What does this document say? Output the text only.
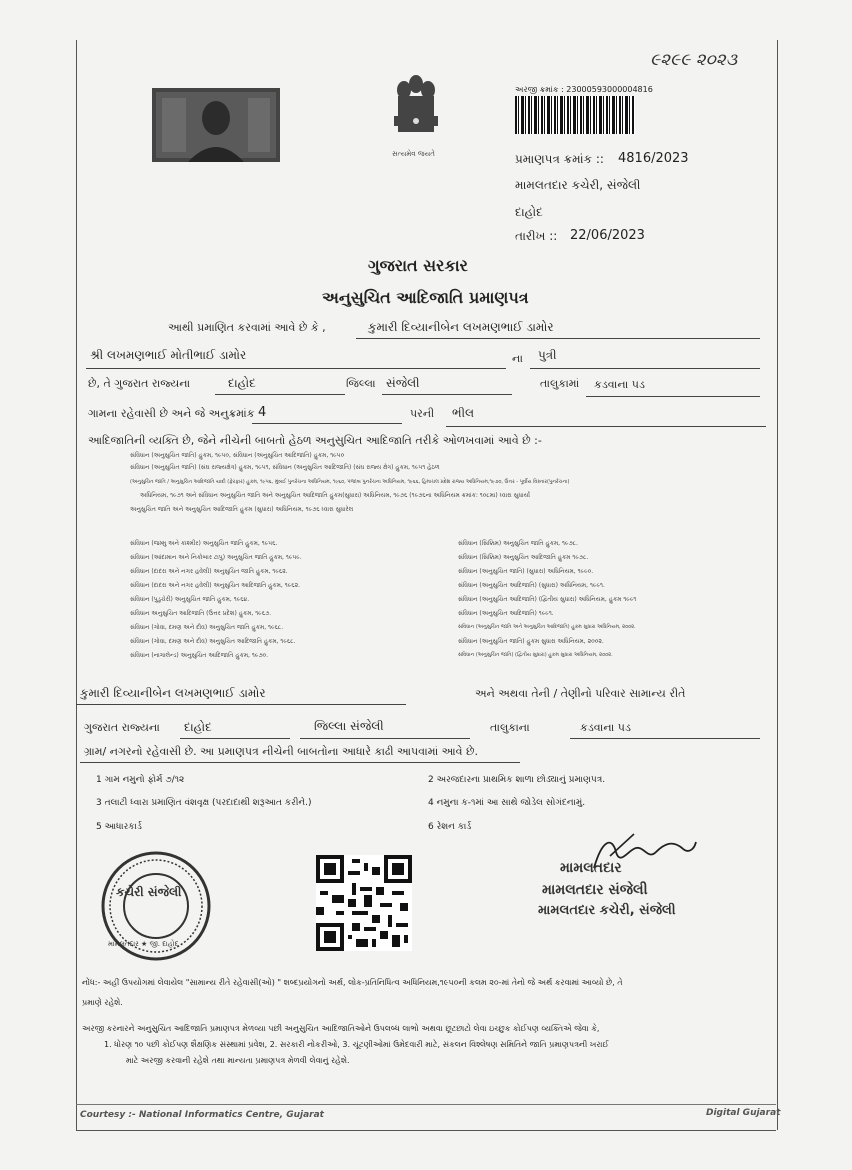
૯૨૯૯ ૨૦૨૩
સત્યમેવ જયતે
અરજી ક્રમાંક : 23000593000004816
પ્રમાણપત્ર ક્રમાંક :: 4816/2023
મામલતદાર કચેરી, સંજેલી
દાહોદ
તારીખ :: 22/06/2023
ગુજરાત સરકાર
અનુસુચિત આદિજાતિ પ્રમાણપત્ર
આથી પ્રમાણિત કરવામાં આવે છે કે ,	કુમારી દિવ્યાનીબેન લખમણભાઈ ડામોર
શ્રી લખમણભાઈ મોતીભાઈ ડામોર	ના પુત્રી
છે, તે ગુજરાત રાજ્યના	દાહોદ	જિલ્લા સંજેલી	તાલુકામાં કડવાના પડ
ગામના રહેવાસી છે અને જે અનુક્રમાંક 4	પરની ભીલ
આદિજાતિની વ્યક્તિ છે, જેને નીચેની બાબતો હેઠળ અનુસુચિત આદિજાતિ તરીકે ઓળખવામાં આવે છે :-
સંવિધાન (અનુસુચિત જાતિ) હુકમ, ૧૯૫૦, સંવિધાન (અનુસુચિત આદિજાતિ) હુકમ, ૧૯૫૦
સંવિધાન (અનુસુચિત જાતિ) (સંઘ રાજ્યક્ષેત્ર) હુકમ, ૧૯૫૧, સંવિધાન (અનુસુચિત આદિજાતિ) (સંઘ રાજ્ય ક્ષેત્ર) હુકમ, ૧૯૫૧ હેઠળ
(અનુસુચિત જાતિ / અનુસુચિત આદિજાતિ યાદી (ફેરફાર) હુકમ, ૧૯૫૬, મુંબઈ પુનર્રચના અધિનિયમ, ૧૯૬૦, પંજાબ પુનર્રચના અધિનિયમ, ૧૯૬૬, હિમાચલ પ્રદેશ રાજ્ય અધિનિયમ,૧૯૭૦, ઉત્તર - પૂર્વીય વિસ્તાર(પુનર્રચના)
અધિનિયમ, ૧૯૭૧ અને સંવિધાન અનુસુચિત જાતિ અને અનુસુચિત આદિજાતિ હુકમ(સુધારા) અધિનિયમ, ૧૯૭૬ (૧૯૭૬ના અધિનિયમ ક્રમાંક: ૧૦૮મા) ધ્વારા સુધાર્યા
અનુસુચિત જાતિ અને અનુસુચિત આદિજાતિ હુકમ (સુધારા) અધિનિયમ, ૧૯૭૬ ધ્વારા સુધારેલ
સંવિધાન (જમ્મુ અને કાશ્મીર) અનુસુચિત જાતિ હુકમ, ૧૯૫૬.
સંવિધાન (આંદામાન અને નિકોબાર ટાપુ) અનુસુચિત જાતિ હુકમ, ૧૯૫૯.
સંવિધાન (દાદરા અને નગર હવેલી) અનુસુચિત જાતિ હુકમ, ૧૯૬૨.
સંવિધાન (દાદરા અને નગર હવેલી) અનુસુચિત આદિજાતિ હુકમ, ૧૯૬૨.
સંવિધાન (પુડુચેરી) અનુસુચિત જાતિ હુકમ, ૧૯૬૪.
સંવિધાન અનુસુચિત આદિજાતિ (ઉત્તર પ્રદેશ) હુકમ, ૧૯૬૭.
સંવિધાન (ગોવા, દમણ અને દીવ) અનુસુચિત જાતિ હુકમ, ૧૯૬૮.
સંવિધાન (ગોવા, દમણ અને દીવ) અનુસુચિત આદિજાતિ હુકમ, ૧૯૬૮.
સંવિધાન (નાગાલેન્ડ) અનુસુચિત આદિજાતિ હુકમ, ૧૯૭૦.
સંવિધાન (સિક્કિમ) અનુસુચિત જાતિ હુકમ, ૧૯૭૮.
સંવિધાન (સિક્કિમ) અનુસુચિત આદિજાતિ હુકમ ૧૯૭૮.
સંવિધાન (અનુસુચિત જાતિ) (સુધારા) અધિનિયમ, ૧૯૯૦.
સંવિધાન (અનુસુચિત આદિજાતિ) (સુધારા) અધિનિયમ, ૧૯૯૧.
સંવિધાન (અનુસુચિત આદિજાતિ) (દ્વિતીય સુધારા) અધિનિયમ, હુકમ ૧૯૯૧
સંવિધાન (અનુસુચિત આદિજાતિ) ૧૯૯૧.
સંવિધાન (અનુસુચિત જાતિ અને અનુસુચિત આદિજાતિ) હુકમ સુધારા અધિનિયમ, ૨૦૦૨.
સંવિધાન (અનુસુચિત જાતિ) હુકમ સુધારા અધિનિયમ, ૨૦૦૨.
સંવિધાન (અનુસુચિત જાતિ) (દ્વિતીય સુધારા) હુકમ સુધારા અધિનિયમ, ૨૦૦૨.
કુમારી દિવ્યાનીબેન લખમણભાઈ ડામોર	અને અથવા તેની / તેણીનો પરિવાર સામાન્ય રીતે
ગુજરાત રાજ્યના દાહોદ	જિલ્લા સંજેલી	તાલુકાના	કડવાના પડ
ગ્રામ/ નગરનો રહેવાસી છે. આ પ્રમાણપત્ર નીચેની બાબતોના આધારે કાઢી આપવામાં આવે છે.
1 ગામ નમુનો ફોર્મ ૭/૧૨	2 અરજદારના પ્રાથમિક શાળા છોડ્યાનું પ્રમાણપત્ર.
3 તલાટી ધ્વારા પ્રમાણિત વંશવૃક્ષ (પરદાદાથી શરૂઆત કરીને.)	4 નમુના ક-૧માં આ સાથે જોડેલ સોગંદનામું.
5 આધારકાર્ડ	6 રેશન કાર્ડ
કચેરી સંજેલી
મામલતદાર ★ જી. દાહોદ
મામલતદાર
મામલતદાર સંજેલી
મામલતદાર કચેરી, સંજેલી
નોંધ:- અહીં ઉપયોગમાં લેવાયેલ "સામાન્ય રીતે રહેવાસી(ઓ) " શબ્દપ્રયોગનો અર્થ, લોક-પ્રતિનિધિત્વ અધિનિયમ,૧૯૫૦ની કલમ ૨૦-માં તેનો જે અર્થ કરવામાં આવ્યો છે, તે
પ્રમાણે રહેશે.
અરજી કરનારને અનુસુચિત આદિજાતિ પ્રમાણપત્ર મેળવ્યા પછી અનુસુચિત આદિજાતિઓને ઉપલબ્ધ લાભો અથવા છૂટછાટો લેવા ઇચ્છુક કોઈપણ વ્યક્તિએ જેવા કે,
1. ધોરણ ૧૦ પછી કોઈપણ શૈક્ષણિક સંસ્થામાં પ્રવેશ, 2. સરકારી નોકરીઓ, 3. ચૂંટણીઓમાં ઉમેદવારી માટે, સંકલન વિશ્લેષણ સમિતિને જાતિ પ્રમાણપત્રની ખરાઈ
માટે અરજી કરવાની રહેશે તથા માન્યતા પ્રમાણપત્ર મેળવી લેવાનું રહેશે.
Courtesy :- National Informatics Centre, Gujarat	Digital Gujarat
